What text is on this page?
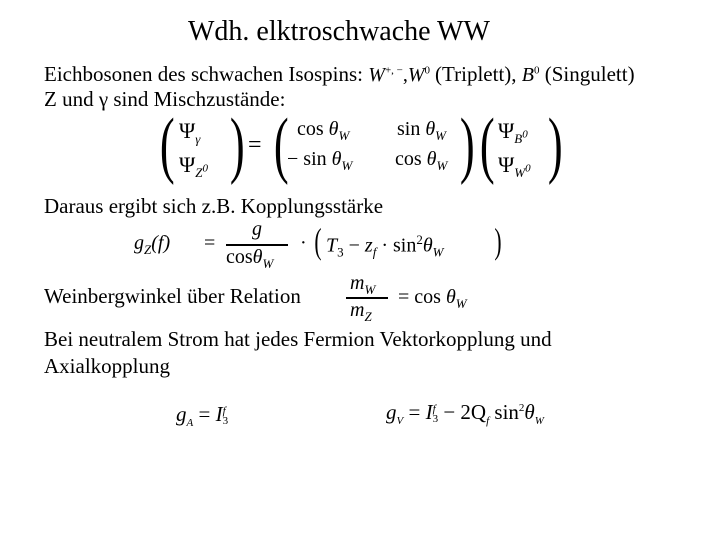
Wdh. elktroschwache WW
Eichbosonen des schwachen Isospins: $W^{+, -},W^0$ (Triplett), $B^0$ (Singulett)
Z und γ sind Mischzustände:
( $\Psi_\gamma$
$\Psi_{Z^0}$ ) = ( $\cos \theta_W$ $\sin \theta_W$
− $\sin \theta_W$ $\cos \theta_W$ ) ( $\Psi_{B^0}$
$\Psi_{W^0}$ )
Daraus ergibt sich z.B. Kopplungsstärke
$g_Z(f)$ =
g
cosθ$_W$
· ( $T_3 - z_f \cdot \sin^2\theta_W$ )
Weinbergwinkel über Relation
$m_W$
$m_Z$
= $\cos \theta_W$
Bei neutralem Strom hat jedes Fermion Vektorkopplung und
Axialkopplung
$g_A = I$ f
3	$g_V = I$ f
$3 - 2Q_f$ $\sin^2\theta_W$
